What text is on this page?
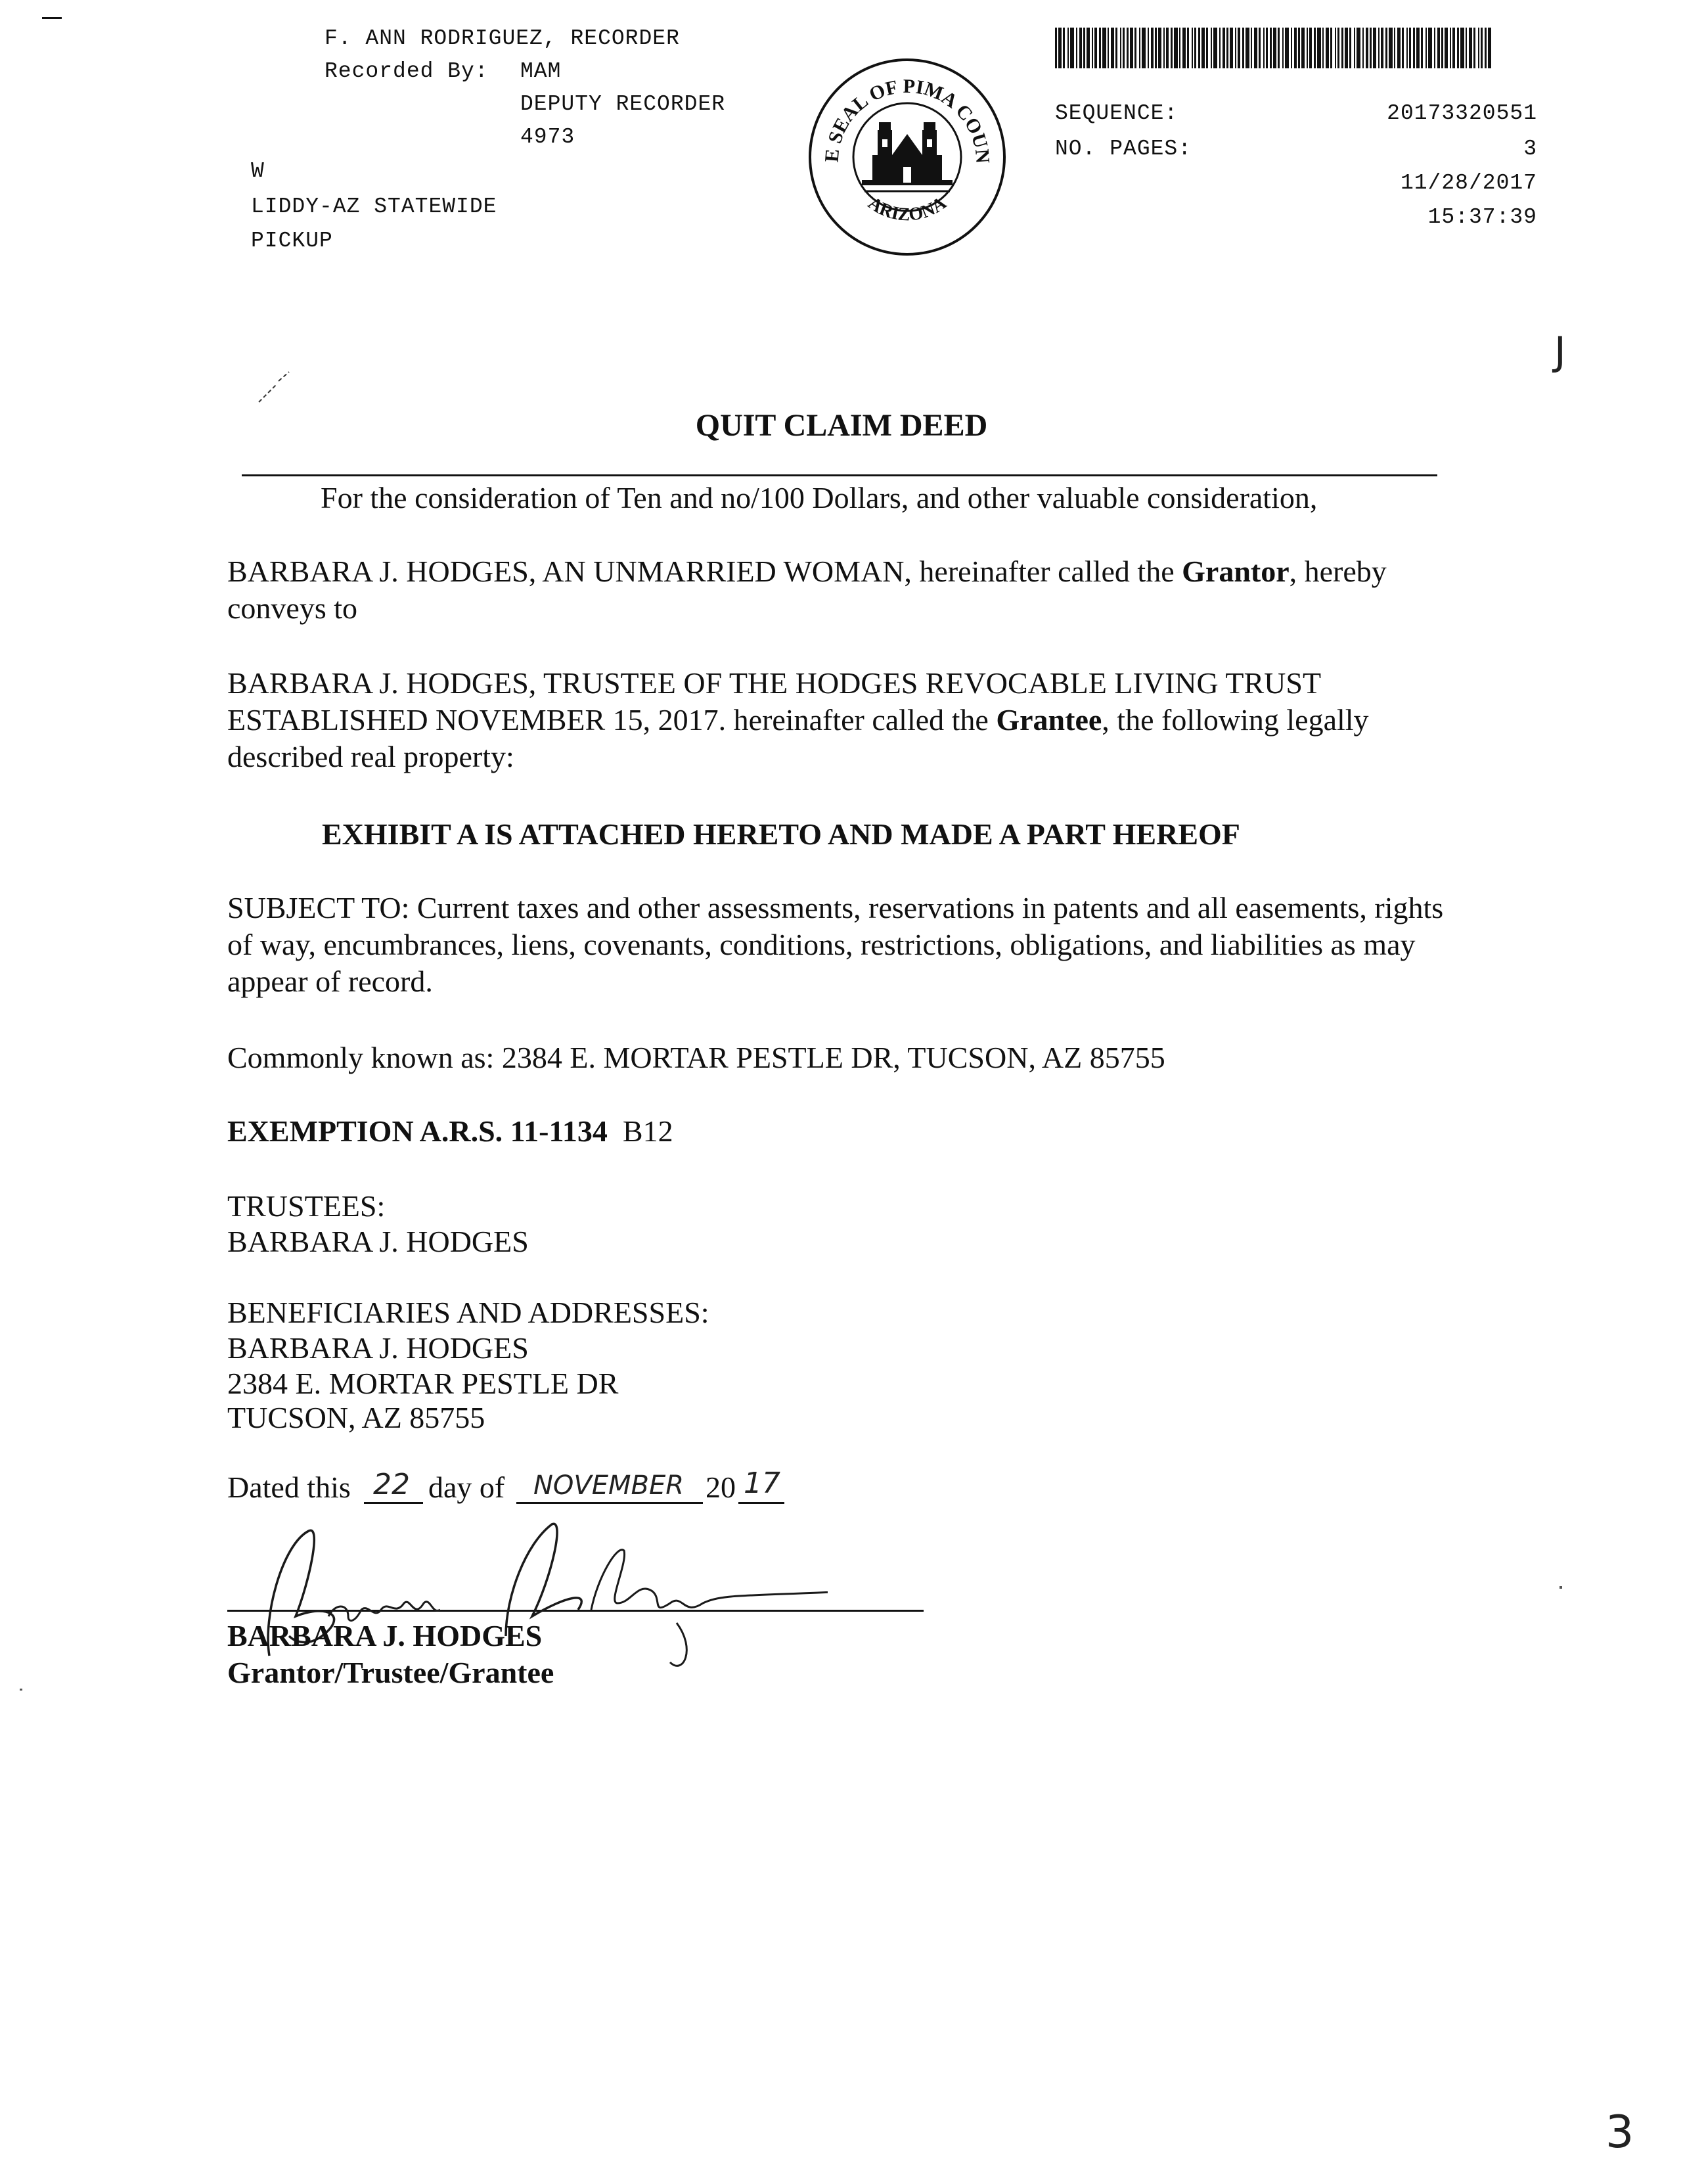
F. ANN RODRIGUEZ, RECORDER
Recorded By: MAM
DEPUTY RECORDER
4973
W
LIDDY-AZ STATEWIDE
PICKUP
E SEAL OF PIMA COUN
ARIZONA
SEQUENCE:	20173320551
NO. PAGES:	3
11/28/2017
15:37:39
J
QUIT CLAIM DEED
For the consideration of Ten and no/100 Dollars, and other valuable consideration,
BARBARA J. HODGES, AN UNMARRIED WOMAN, hereinafter called the Grantor, hereby conveys to
BARBARA J. HODGES, TRUSTEE OF THE HODGES REVOCABLE LIVING TRUST ESTABLISHED NOVEMBER 15, 2017. hereinafter called the Grantee, the following legally described real property:
EXHIBIT A IS ATTACHED HERETO AND MADE A PART HEREOF
SUBJECT TO: Current taxes and other assessments, reservations in patents and all easements, rights of way, encumbrances, liens, covenants, conditions, restrictions, obligations, and liabilities as may appear of record.
Commonly known as: 2384 E. MORTAR PESTLE DR, TUCSON, AZ 85755
EXEMPTION A.R.S. 11-1134 B12
TRUSTEES:
BARBARA J. HODGES
BENEFICIARIES AND ADDRESSES:
BARBARA J. HODGES
2384 E. MORTAR PESTLE DR
TUCSON, AZ 85755
Dated this 22 day of NOVEMBER 20 17
BARBARA J. HODGES
Grantor/Trustee/Grantee
3
